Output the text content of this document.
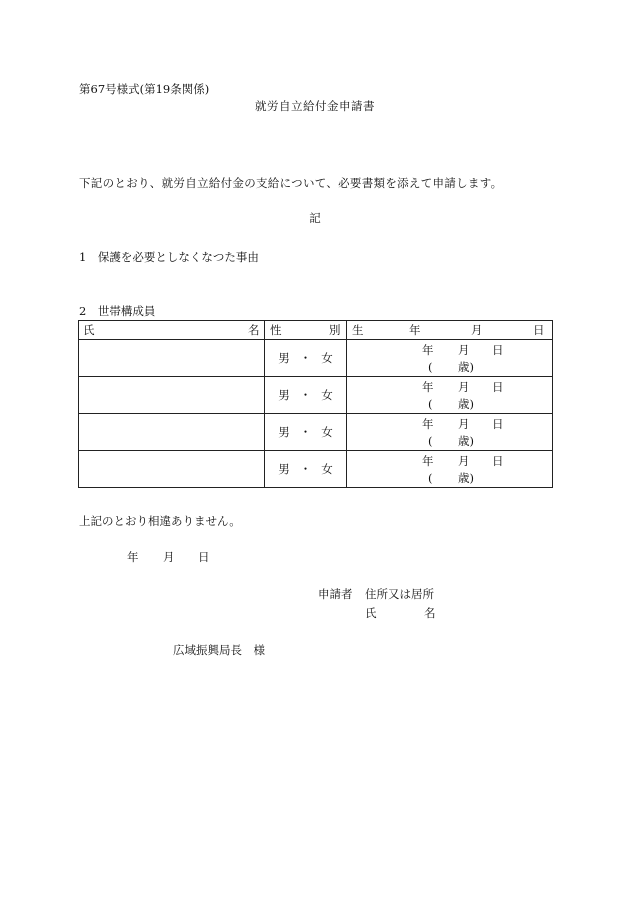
第67号様式(第19条関係)
就労自立給付金申請書
下記のとおり、就労自立給付金の支給について、必要書類を添えて申請します。
記
1　保護を必要としなくなつた事由
2　世帯構成員
氏 名	性 別	生 年 月 日

	男 ・ 女	年 月 日
( 歳)

	男 ・ 女	年 月 日
( 歳)

	男 ・ 女	年 月 日
( 歳)

	男 ・ 女	年 月 日
( 歳)
上記のとおり相違ありません。
年 月 日
申請者 住所又は居所
氏	名
広域振興局長　様
